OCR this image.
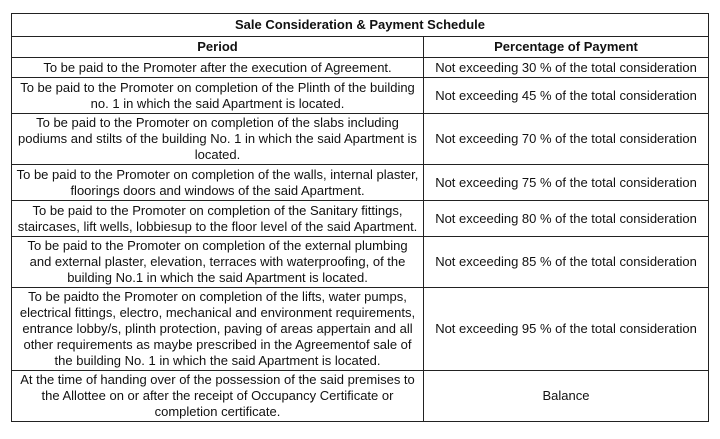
Sale Consideration & Payment Schedule	
Period	Percentage of Payment
To be paid to the Promoter after the execution of Agreement.	Not exceeding 30 % of the total consideration
To be paid to the Promoter on completion of the Plinth of the building no. 1 in which the said Apartment is located.	Not exceeding 45 % of the total consideration
To be paid to the Promoter on completion of the slabs including podiums and stilts of the building No. 1 in which the said Apartment is located.	Not exceeding 70 % of the total consideration
To be paid to the Promoter on completion of the walls, internal plaster, floorings doors and windows of the said Apartment.	Not exceeding 75 % of the total consideration
To be paid to the Promoter on completion of the Sanitary fittings, staircases, lift wells, lobbiesup to the floor level of the said Apartment.	Not exceeding 80 % of the total consideration
To be paid to the Promoter on completion of the external plumbing and external plaster, elevation, terraces with waterproofing, of the building No.1 in which the said Apartment is located.	Not exceeding 85 % of the total consideration
To be paidto the Promoter on completion of the lifts, water pumps, electrical fittings, electro, mechanical and environment requirements, entrance lobby/s, plinth protection, paving of areas appertain and all other requirements as maybe prescribed in the Agreementof sale of the building No. 1 in which the said Apartment is located.	Not exceeding 95 % of the total consideration
At the time of handing over of the possession of the said premises to the Allottee on or after the receipt of Occupancy Certificate or completion certificate.	Balance
